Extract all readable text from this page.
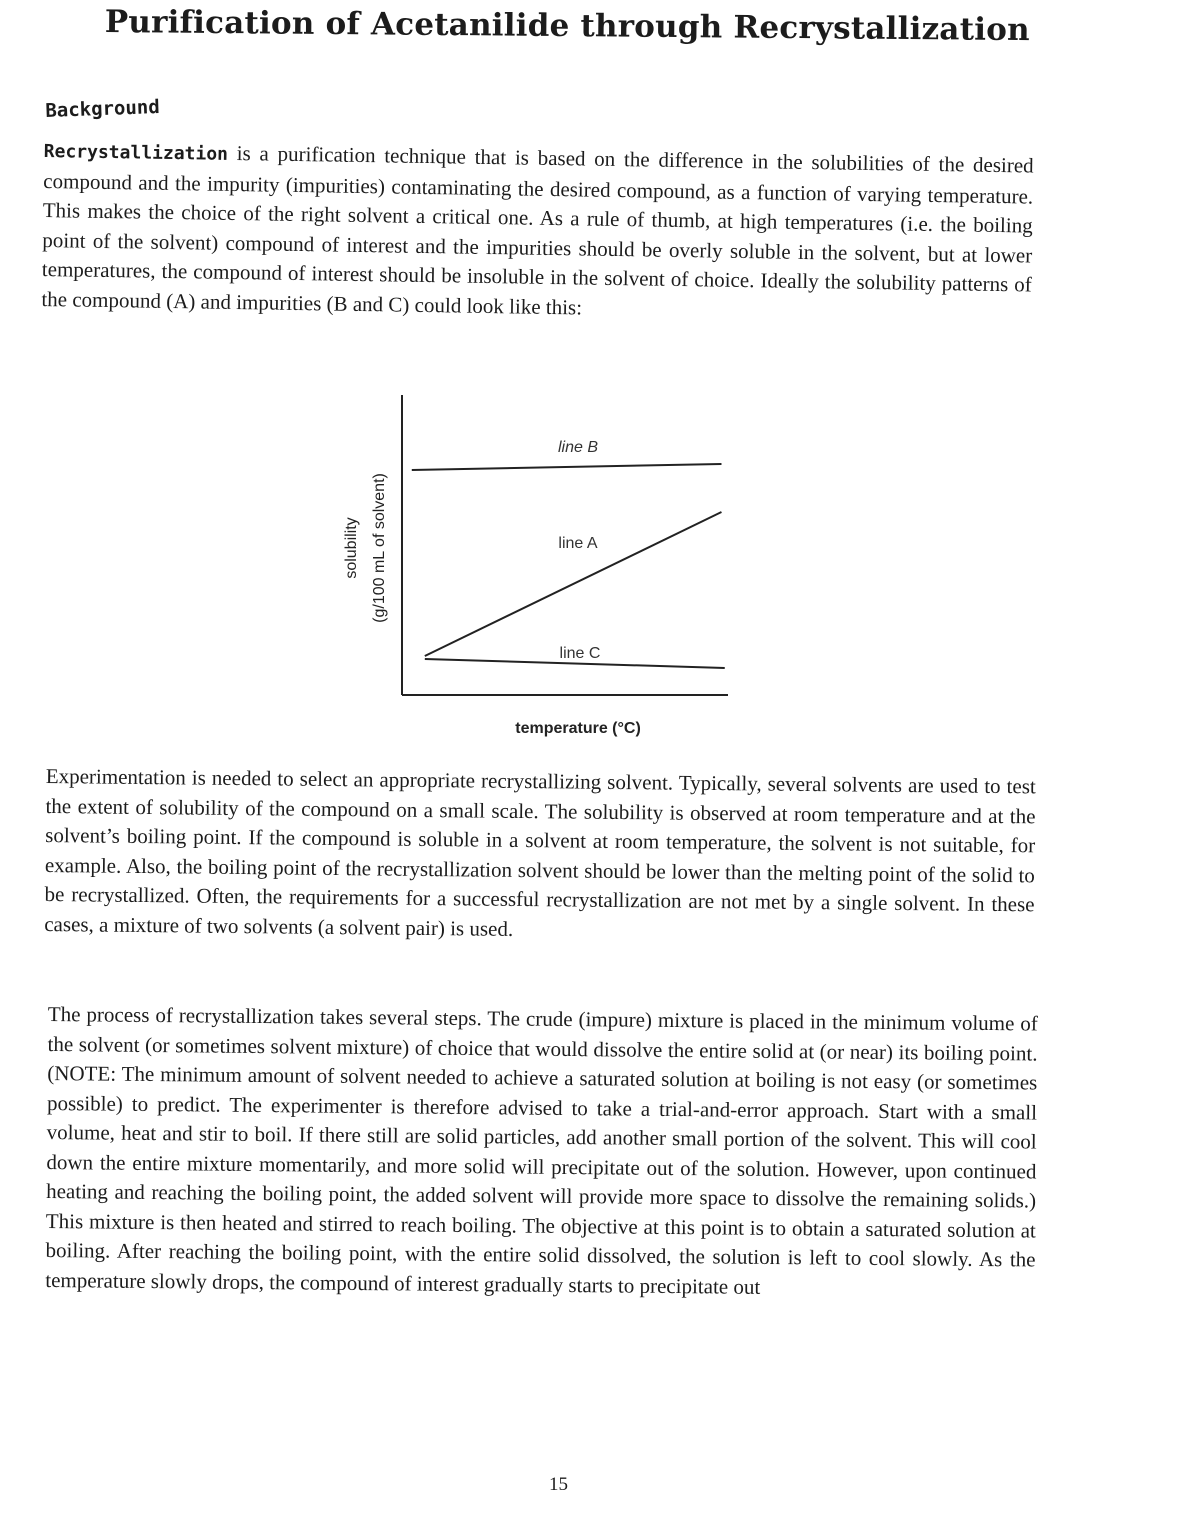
Purification of Acetanilide through Recrystallization
Background

Recrystallization is a purification technique that is based on the difference in the solubilities of the desired compound and the impurity (impurities) contaminating the desired compound, as a function of varying temperature. This makes the choice of the right solvent a critical one. As a rule of thumb, at high temperatures (i.e. the boiling point of the solvent) compound of interest and the impurities should be overly soluble in the solvent, but at lower temperatures, the compound of interest should be insoluble in the solvent of choice. Ideally the solubility patterns of the compound (A) and impurities (B and C) could look like this:

line B
line A
line C
solubility (g/100 mL of solvent)
temperature (°C)

Experimentation is needed to select an appropriate recrystallizing solvent. Typically, several solvents are used to test the extent of solubility of the compound on a small scale. The solubility is observed at room temperature and at the solvent’s boiling point. If the compound is soluble in a solvent at room temperature, the solvent is not suitable, for example. Also, the boiling point of the recrystallization solvent should be lower than the melting point of the solid to be recrystallized. Often, the requirements for a successful recrystallization are not met by a single solvent. In these cases, a mixture of two solvents (a solvent pair) is used.

The process of recrystallization takes several steps. The crude (impure) mixture is placed in the minimum volume of the solvent (or sometimes solvent mixture) of choice that would dissolve the entire solid at (or near) its boiling point. (NOTE: The minimum amount of solvent needed to achieve a saturated solution at boiling is not easy (or sometimes possible) to predict. The experimenter is therefore advised to take a trial-and-error approach. Start with a small volume, heat and stir to boil. If there still are solid particles, add another small portion of the solvent. This will cool down the entire mixture momentarily, and more solid will precipitate out of the solution. However, upon continued heating and reaching the boiling point, the added solvent will provide more space to dissolve the remaining solids.) This mixture is then heated and stirred to reach boiling. The objective at this point is to obtain a saturated solution at boiling. After reaching the boiling point, with the entire solid dissolved, the solution is left to cool slowly. As the temperature slowly drops, the compound of interest gradually starts to precipitate out

15
